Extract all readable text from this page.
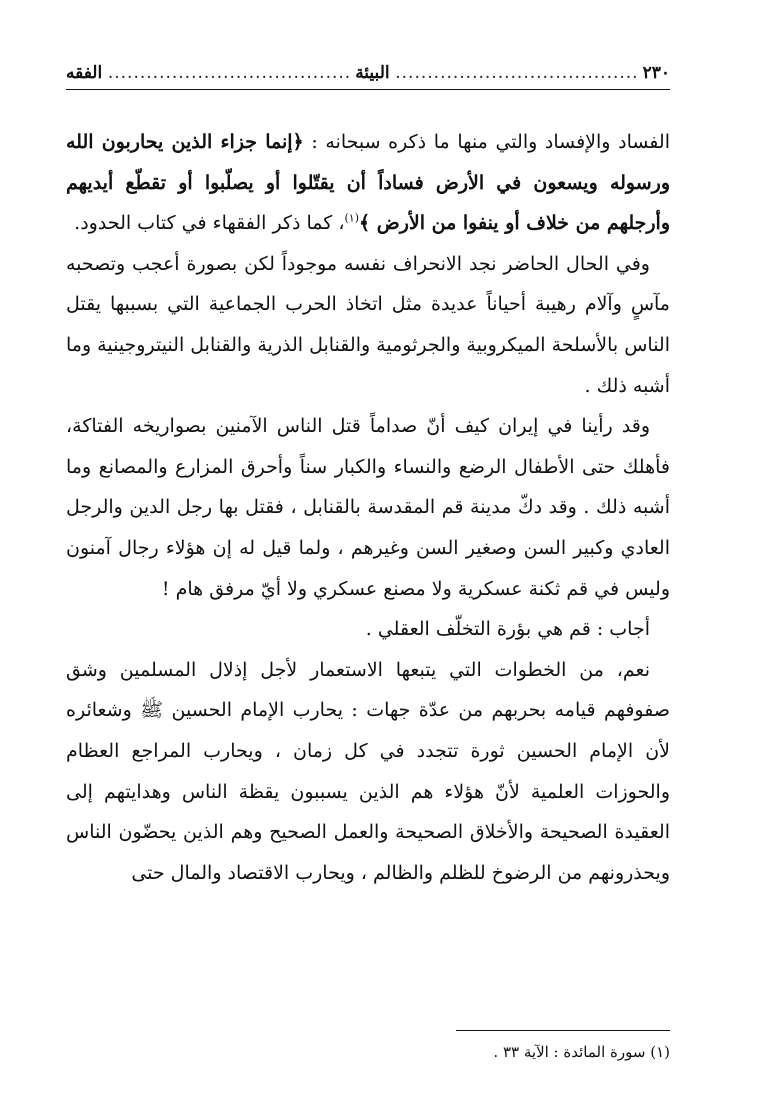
٢٣٠
.....
البيئة
.....
الفقه

الفساد والإفساد والتي منها ما ذكره سبحانه : ﴿إنما جزاء الذين يحاربون الله ورسوله ويسعون في الأرض فساداً أن يقتّلوا أو يصلّبوا أو تقطّع أيديهم وأرجلهم من خلاف أو ينفوا من الأرض ﴾$^{(١)}$، كما ذكر الفقهاء في كتاب الحدود.

وفي الحال الحاضر نجد الانحراف نفسه موجوداً لكن بصورة أعجب وتصحبه مآسٍ وآلام رهيبة أحياناً عديدة مثل اتخاذ الحرب الجماعية التي بسببها يقتل الناس بالأسلحة الميكروبية والجرثومية والقنابل الذرية والقنابل النيتروجينية وما أشبه ذلك .

وقد رأينا في إيران كيف أنّ صداماً قتل الناس الآمنين بصواريخه الفتاكة، فأهلك حتى الأطفال الرضع والنساء والكبار سناً وأحرق المزارع والمصانع وما أشبه ذلك . وقد دكّ مدينة قم المقدسة بالقنابل ، فقتل بها رجل الدين والرجل العادي وكبير السن وصغير السن وغيرهم ، ولما قيل له إن هؤلاء رجال آمنون وليس في قم ثكنة عسكرية ولا مصنع عسكري ولا أيّ مرفق هام !

أجاب : قم هي بؤرة التخلّف العقلي .

نعم، من الخطوات التي يتبعها الاستعمار لأجل إذلال المسلمين وشق صفوفهم قيامه بحربهم من عدّة جهات : يحارب الإمام الحسين ﷺ وشعائره لأن الإمام الحسين ثورة تتجدد في كل زمان ، ويحارب المراجع العظام والحوزات العلمية لأنّ هؤلاء هم الذين يسببون يقظة الناس وهدايتهم إلى العقيدة الصحيحة والأخلاق الصحيحة والعمل الصحيح وهم الذين يحضّون الناس ويحذرونهم من الرضوخ للظلم والظالم ، ويحارب الاقتصاد والمال حتى

(١) سورة المائدة : الآية ٣٣ .
